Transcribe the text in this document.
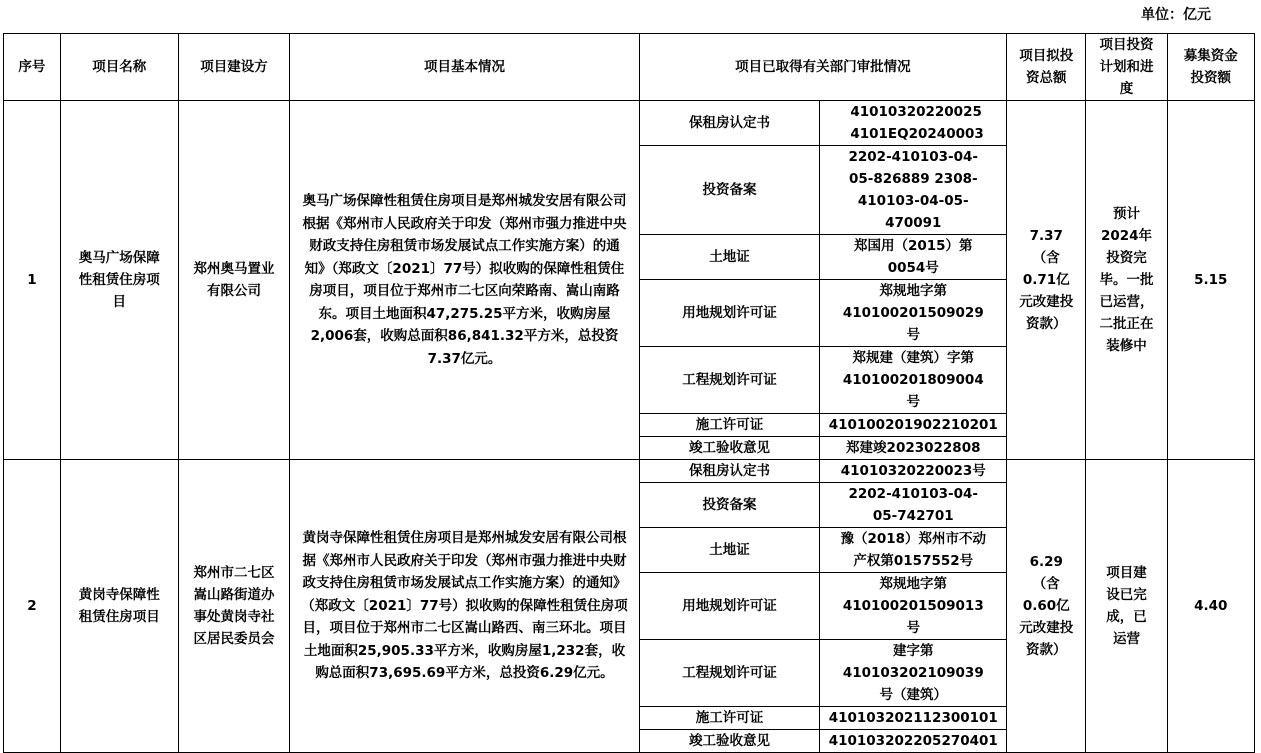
单位：亿元
序号	项目名称	项目建设方	项目基本情况	项目已取得有关部门审批情况		项目拟投资总额	项目投资计划和进度	募集资金投资额
1	奥马广场保障性租赁住房项目	郑州奥马置业有限公司	奥马广场保障性租赁住房项目是郑州城发安居有限公司根据《郑州市人民政府关于印发（郑州市强力推进中央财政支持住房租赁市场发展试点工作实施方案）的通知》（郑政文〔2021〕77号）拟收购的保障性租赁住房项目，项目位于郑州市二七区向荣路南、嵩山南路东。项目土地面积47,275.25平方米，收购房屋2,006套，收购总面积86,841.32平方米，总投资7.37亿元。	保租房认定书	41010320220025 4101EQ20240003	7.37（含0.71亿元改建投资款）	预计2024年投资完毕。一批已运营，二批正在装修中	5.15
				投资备案	2202-410103-04-05-826889 2308-410103-04-05-470091			
				土地证	郑国用（2015）第0054号			
				用地规划许可证	郑规地字第410100201509029号			
				工程规划许可证	郑规建（建筑）字第410100201809004号			
				施工许可证	410100201902210201			
				竣工验收意见	郑建竣2023022808			
2	黄岗寺保障性租赁住房项目	郑州市二七区嵩山路街道办事处黄岗寺社区居民委员会	黄岗寺保障性租赁住房项目是郑州城发安居有限公司根据《郑州市人民政府关于印发（郑州市强力推进中央财政支持住房租赁市场发展试点工作实施方案）的通知》（郑政文〔2021〕77号）拟收购的保障性租赁住房项目，项目位于郑州市二七区嵩山路西、南三环北。项目土地面积25,905.33平方米，收购房屋1,232套，收购总面积73,695.69平方米，总投资6.29亿元。	保租房认定书	41010320220023号	6.29（含0.60亿元改建投资款）	项目建设已完成，已运营	4.40
				投资备案	2202-410103-04-05-742701			
				土地证	豫（2018）郑州市不动产权第0157552号			
				用地规划许可证	郑规地字第410100201509013号			
				工程规划许可证	建字第410103202109039号（建筑）			
				施工许可证	410103202112300101			
				竣工验收意见	410103202205270401			
